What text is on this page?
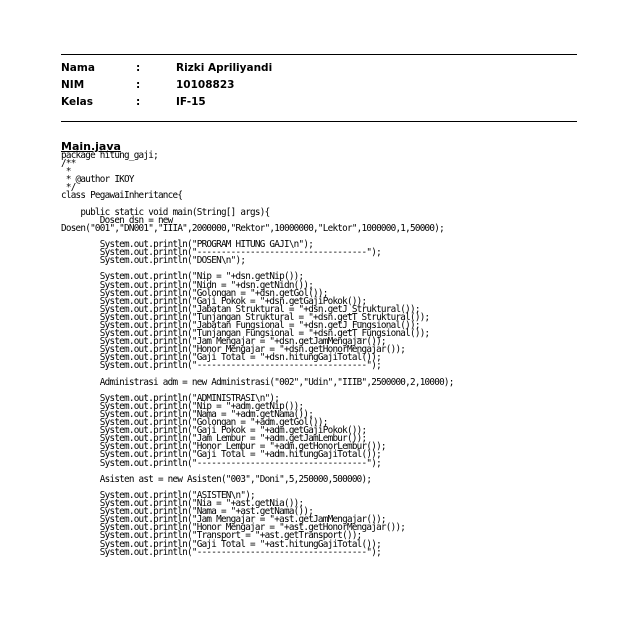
Nama	:	Rizki Apriliyandi
NIM	:	10108823
Kelas	:	IF-15
Main.java
package hitung_gaji;
/**
*
* @author IKOY
*/
class PegawaiInheritance{
public static void main(String[] args){
Dosen dsn = new
Dosen("001","DN001","IIIA",2000000,"Rektor",10000000,"Lektor",1000000,1,50000);
System.out.println("PROGRAM HITUNG GAJI\n");
System.out.println("-----------------------------------");
System.out.println("DOSEN\n");
System.out.println("Nip = "+dsn.getNip());
System.out.println("Nidn = "+dsn.getNidn());
System.out.println("Golongan = "+dsn.getGol());
System.out.println("Gaji Pokok = "+dsn.getGajiPokok());
System.out.println("Jabatan Struktural = "+dsn.getJ_Struktural());
System.out.println("Tunjangan Struktural = "+dsn.getT_Struktural());
System.out.println("Jabatan Fungsional = "+dsn.getJ_Fungsional());
System.out.println("Tunjangan Fungsional = "+dsn.getT_Fungsional());
System.out.println("Jam Mengajar = "+dsn.getJamMengajar());
System.out.println("Honor Mengajar = "+dsn.getHonorMengajar());
System.out.println("Gaji Total = "+dsn.hitungGajiTotal());
System.out.println("-----------------------------------");
Administrasi adm = new Administrasi("002","Udin","IIIB",2500000,2,10000);
System.out.println("ADMINISTRASI\n");
System.out.println("Nip = "+adm.getNip());
System.out.println("Nama = "+adm.getNama());
System.out.println("Golongan = "+adm.getGol());
System.out.println("Gaji Pokok = "+adm.getGajiPokok());
System.out.println("Jam Lembur = "+adm.getJamLembur());
System.out.println("Honor Lembur = "+adm.getHonorLembur());
System.out.println("Gaji Total = "+adm.hitungGajiTotal());
System.out.println("-----------------------------------");
Asisten ast = new Asisten("003","Doni",5,250000,500000);
System.out.println("ASISTEN\n");
System.out.println("Nia = "+ast.getNia());
System.out.println("Nama = "+ast.getNama());
System.out.println("Jam Mengajar = "+ast.getJamMengajar());
System.out.println("Honor Mengajar = "+ast.getHonorMengajar());
System.out.println("Transport = "+ast.getTransport());
System.out.println("Gaji Total = "+ast.hitungGajiTotal());
System.out.println("-----------------------------------");
